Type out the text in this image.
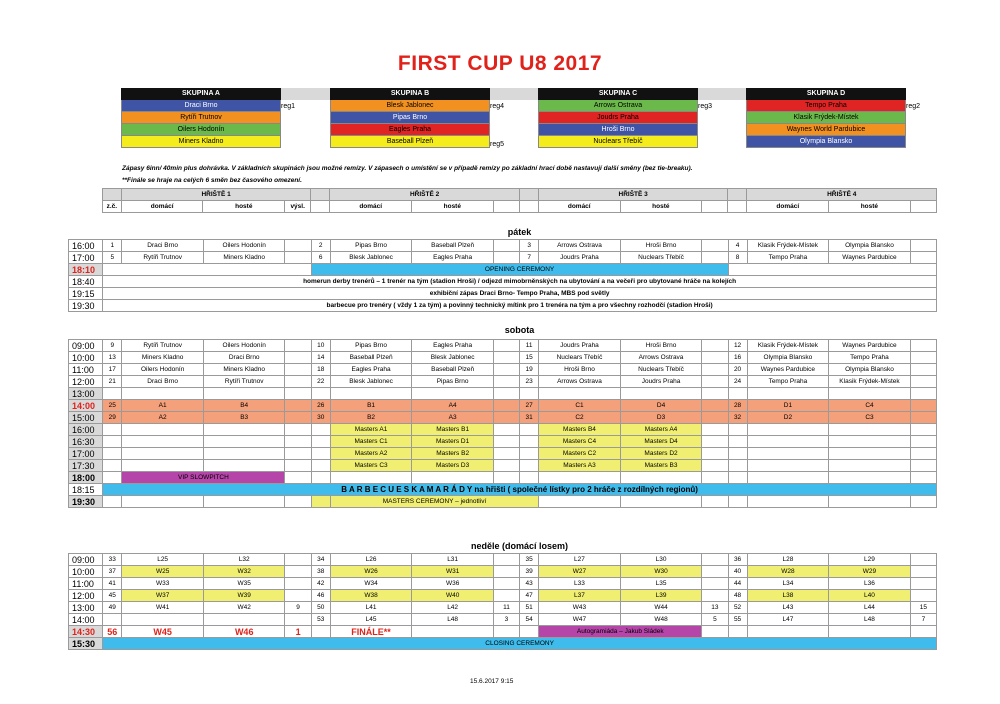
FIRST CUP U8 2017
SKUPINA A
Draci Brno
Rytíři Trutnov
Oilers Hodonín
Miners Kladno
SKUPINA B
Blesk Jablonec
Pipas Brno
Eagles Praha
Baseball Plzeň
SKUPINA C
Arrows Ostrava
Joudrs Praha
Hroši Brno
Nuclears Třebíč
SKUPINA D
Tempo Praha
Klasik Frýdek-Místek
Waynes World Pardubice
Olympia Blansko
reg1	reg4	reg3	reg2
reg5
Zápasy 6inn/ 40min plus dohrávka. V základních skupinách jsou možné remízy. V zápasech o umístění se v případě remízy po základní hrací době nastavují další směny (bez tie-breaku).
**Finále se hraje na celých 6 směn bez časového omezení.
		HŘIŠTĚ 1				HŘIŠTĚ 2				HŘIŠTĚ 3				HŘIŠTĚ 4		
	z.č.	domácí	hosté	výsl.		domácí	hosté			domácí	hosté			domácí	hosté	
pátek
16:00	1	Draci Brno	Oilers Hodonín		2	Pipas Brno	Baseball Plzeň		3	Arrows Ostrava	Hroši Brno		4	Klasik Frýdek-Místek	Olympia Blansko	
17:00	5	Rytíři Trutnov	Miners Kladno		6	Blesk Jablonec	Eagles Praha		7	Joudrs Praha	Nuclears Třebíč		8	Tempo Praha	Waynes Pardubice	
18:10					OPENING CEREMONY											
18:40	homerun derby trenérů – 1 trenér na tým (stadion Hroši) / odjezd mimobrněnských na ubytování a na večeři pro ubytované hráče na kolejích															
19:15	exhibiční zápas Draci Brno- Tempo Praha, MBS pod světly															
19:30	barbecue pro trenéry ( vždy 1 za tým) a povinný technický mítink pro 1 trenéra na tým a pro všechny rozhodčí (stadion Hroši)															
sobota
09:00	9	Rytíři Trutnov	Oilers Hodonín		10	Pipas Brno	Eagles Praha		11	Joudrs Praha	Hroši Brno		12	Klasik Frýdek-Místek	Waynes Pardubice	
10:00	13	Miners Kladno	Draci Brno		14	Baseball Plzeň	Blesk Jablonec		15	Nuclears Třebíč	Arrows Ostrava		16	Olympia Blansko	Tempo Praha	
11:00	17	Oilers Hodonín	Miners Kladno		18	Eagles Praha	Baseball Plzeň		19	Hroši Brno	Nuclears Třebíč		20	Waynes Pardubice	Olympia Blansko	
12:00	21	Draci Brno	Rytíři Trutnov		22	Blesk Jablonec	Pipas Brno		23	Arrows Ostrava	Joudrs Praha		24	Tempo Praha	Klasik Frýdek-Místek	
13:00																
14:00	25	A1	B4		26	B1	A4		27	C1	D4		28	D1	C4	
15:00	29	A2	B3		30	B2	A3		31	C2	D3		32	D2	C3	
16:00						Masters A1	Masters B1			Masters B4	Masters A4					
16:30						Masters C1	Masters D1			Masters C4	Masters D4					
17:00						Masters A2	Masters B2			Masters C2	Masters D2					
17:30						Masters C3	Masters D3			Masters A3	Masters B3					
18:00		VIP SLOWPITCH														
18:15	B A R B E C U E S K A M A R Á D Y na hřišti ( společné lístky pro 2 hráče z rozdílných regionů)															
19:30						MASTERS CEREMONY – jednotliví										
neděle (domácí losem)
09:00	33	L25	L32		34	L26	L31		35	L27	L30		36	L28	L29	
10:00	37	W25	W32		38	W26	W31		39	W27	W30		40	W28	W29	
11:00	41	W33	W35		42	W34	W36		43	L33	L35		44	L34	L36	
12:00	45	W37	W39		46	W38	W40		47	L37	L39		48	L38	L40	
13:00	49	W41	W42	9	50	L41	L42	11	51	W43	W44	13	52	L43	L44	15
14:00					53	L45	L48	3	54	W47	W48	5	55	L47	L48	7
14:30	56	W45	W46	1		FINÁLE**				Autogramiáda – Jakub Sládek						
15:30	CLOSING CEREMONY															
15.6.2017 9:15
